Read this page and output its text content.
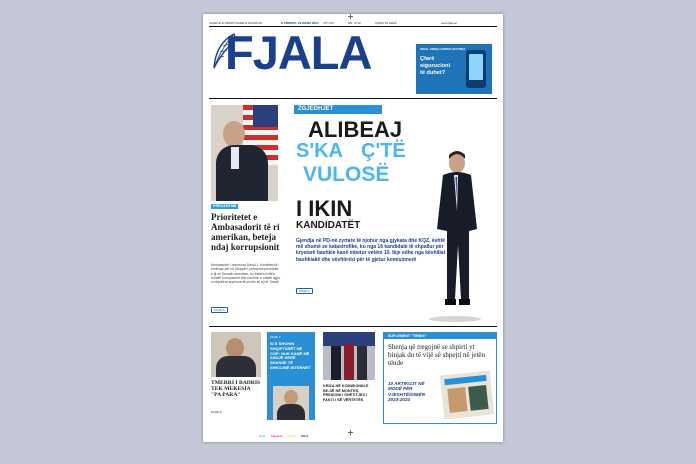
GAZETË E PËRDITSHME E PAVARUR	E PREMTE, 29 MARS 2024 VITI XIV	NR. 3710	ÇMIMI 30 LEKË	www.fjala.al
FJALA	SIGAL UNIQA GROUP AUSTRIA
Çfarë
sigurucioni
të duhet?
PREZANTIMI
Prioritetet e Ambasadorit të ri amerikan, beteja ndaj korrupsionit
Ambasadori i nominuar David J. Kostelancik i emëruar për në Shqipëri, prezantoi prioritetet e tij në Senatin amerikan, ku theksoi luftën kundër korrupsionit dhe forcimin e shtetit ligjor si objektiva kryesore të punës së tij në Tiranë.
FAQE 5
ZGJEDHJET
ALIBEAJ
S'KA Ç'TË
VULOSË
I IKIN
KANDIDATËT
Gjendja në PD-në zyrtare të njohur nga gjykata dhe KQZ, është më shumë se katastrofike, ku nga 16 kandidatë të shpallur për kryetarë bashkie kanë mbetur vetëm 10. Ikje edhe nga këshillat bashkiakë dhe vështirësi për të gjetur komisionerë
FAQE 2
TMERRI I BADRIS TEK MEKESIA "PA PARA"
FAQE 9
FAQE 7
SI E SHOHIN SHQIPTARËT NË COP: NUK KANË MË ASNJË HERË SHANSE TË SHKOJNË INTERNET
KRIZA NË KOMISIONIN E SE-SË NË MONTES, PRESIONI I SHËTITJES I FAKTI I SË VËRTETËS
SUPLEMENT "TIRBIS"
Shenja që tregojnë se shpirti yt binjak do të vijë së shpejti në jetën tënde
10 ARTIKUJT NË MODË PËR VJESHTË/DIMËR 2023-2024
Cyan Magenta Yellow Black
